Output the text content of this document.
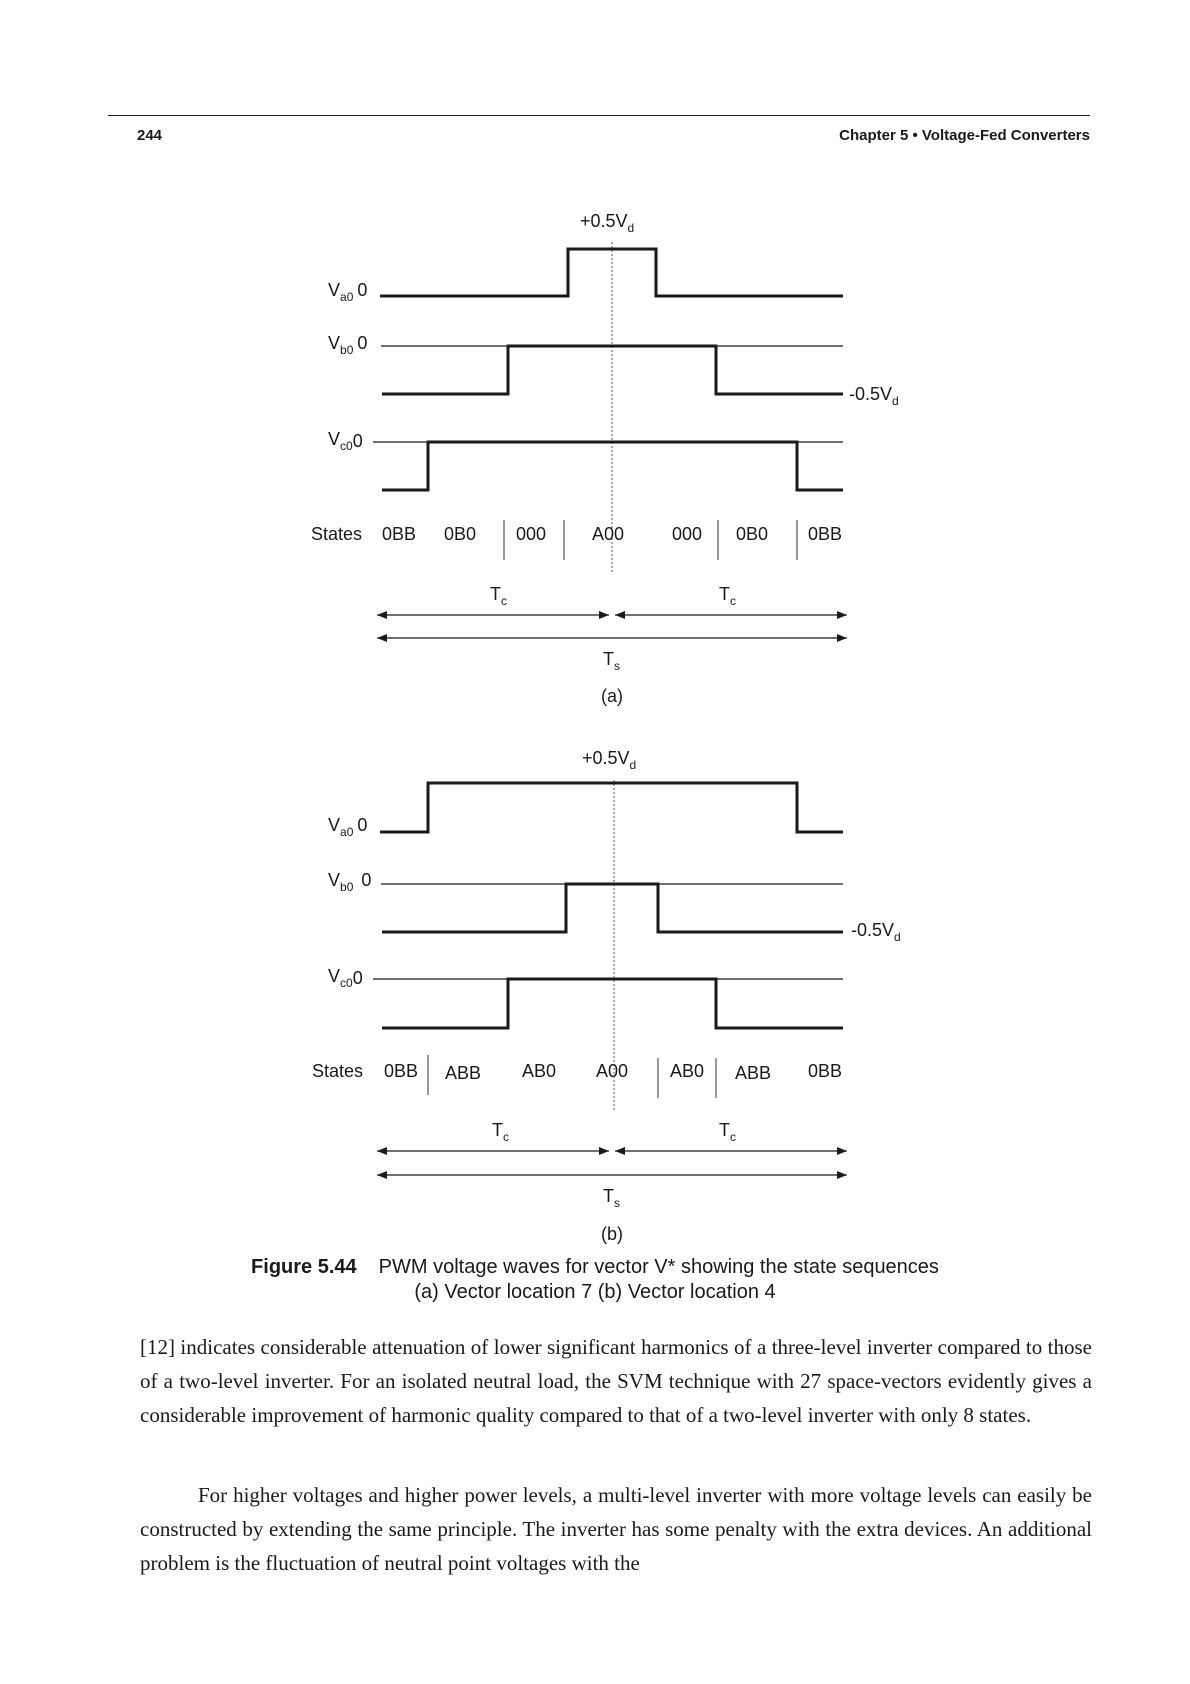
244	Chapter 5 • Voltage-Fed Converters
$+0.5V_d$
$V_{a0}$ 0
$V_{b0}$ 0
$-0.5V_d$
$V_{c0}0$
States 0BB 0B0 000	A00	000 0B0 0BB
$T_c$	$T_c$
$T_s$
(a)
$+0.5V_d$
$V_{a0}$ 0
$V_{b0}$ 0
$-0.5V_d$
$V_{c0}0$
States 0BB ABB AB0 A00 AB0 ABB 0BB
$T_c$	$T_c$
$T_s$
(b)
Figure 5.44 PWM voltage waves for vector V* showing the state sequences
(a) Vector location 7 (b) Vector location 4

[12] indicates considerable attenuation of lower significant harmonics of a three-level inverter compared to those of a two-level inverter. For an isolated neutral load, the SVM technique with 27 space-vectors evidently gives a considerable improvement of harmonic quality compared to that of a two-level inverter with only 8 states.

For higher voltages and higher power levels, a multi-level inverter with more voltage levels can easily be constructed by extending the same principle. The inverter has some penalty with the extra devices. An additional problem is the fluctuation of neutral point voltages with the
